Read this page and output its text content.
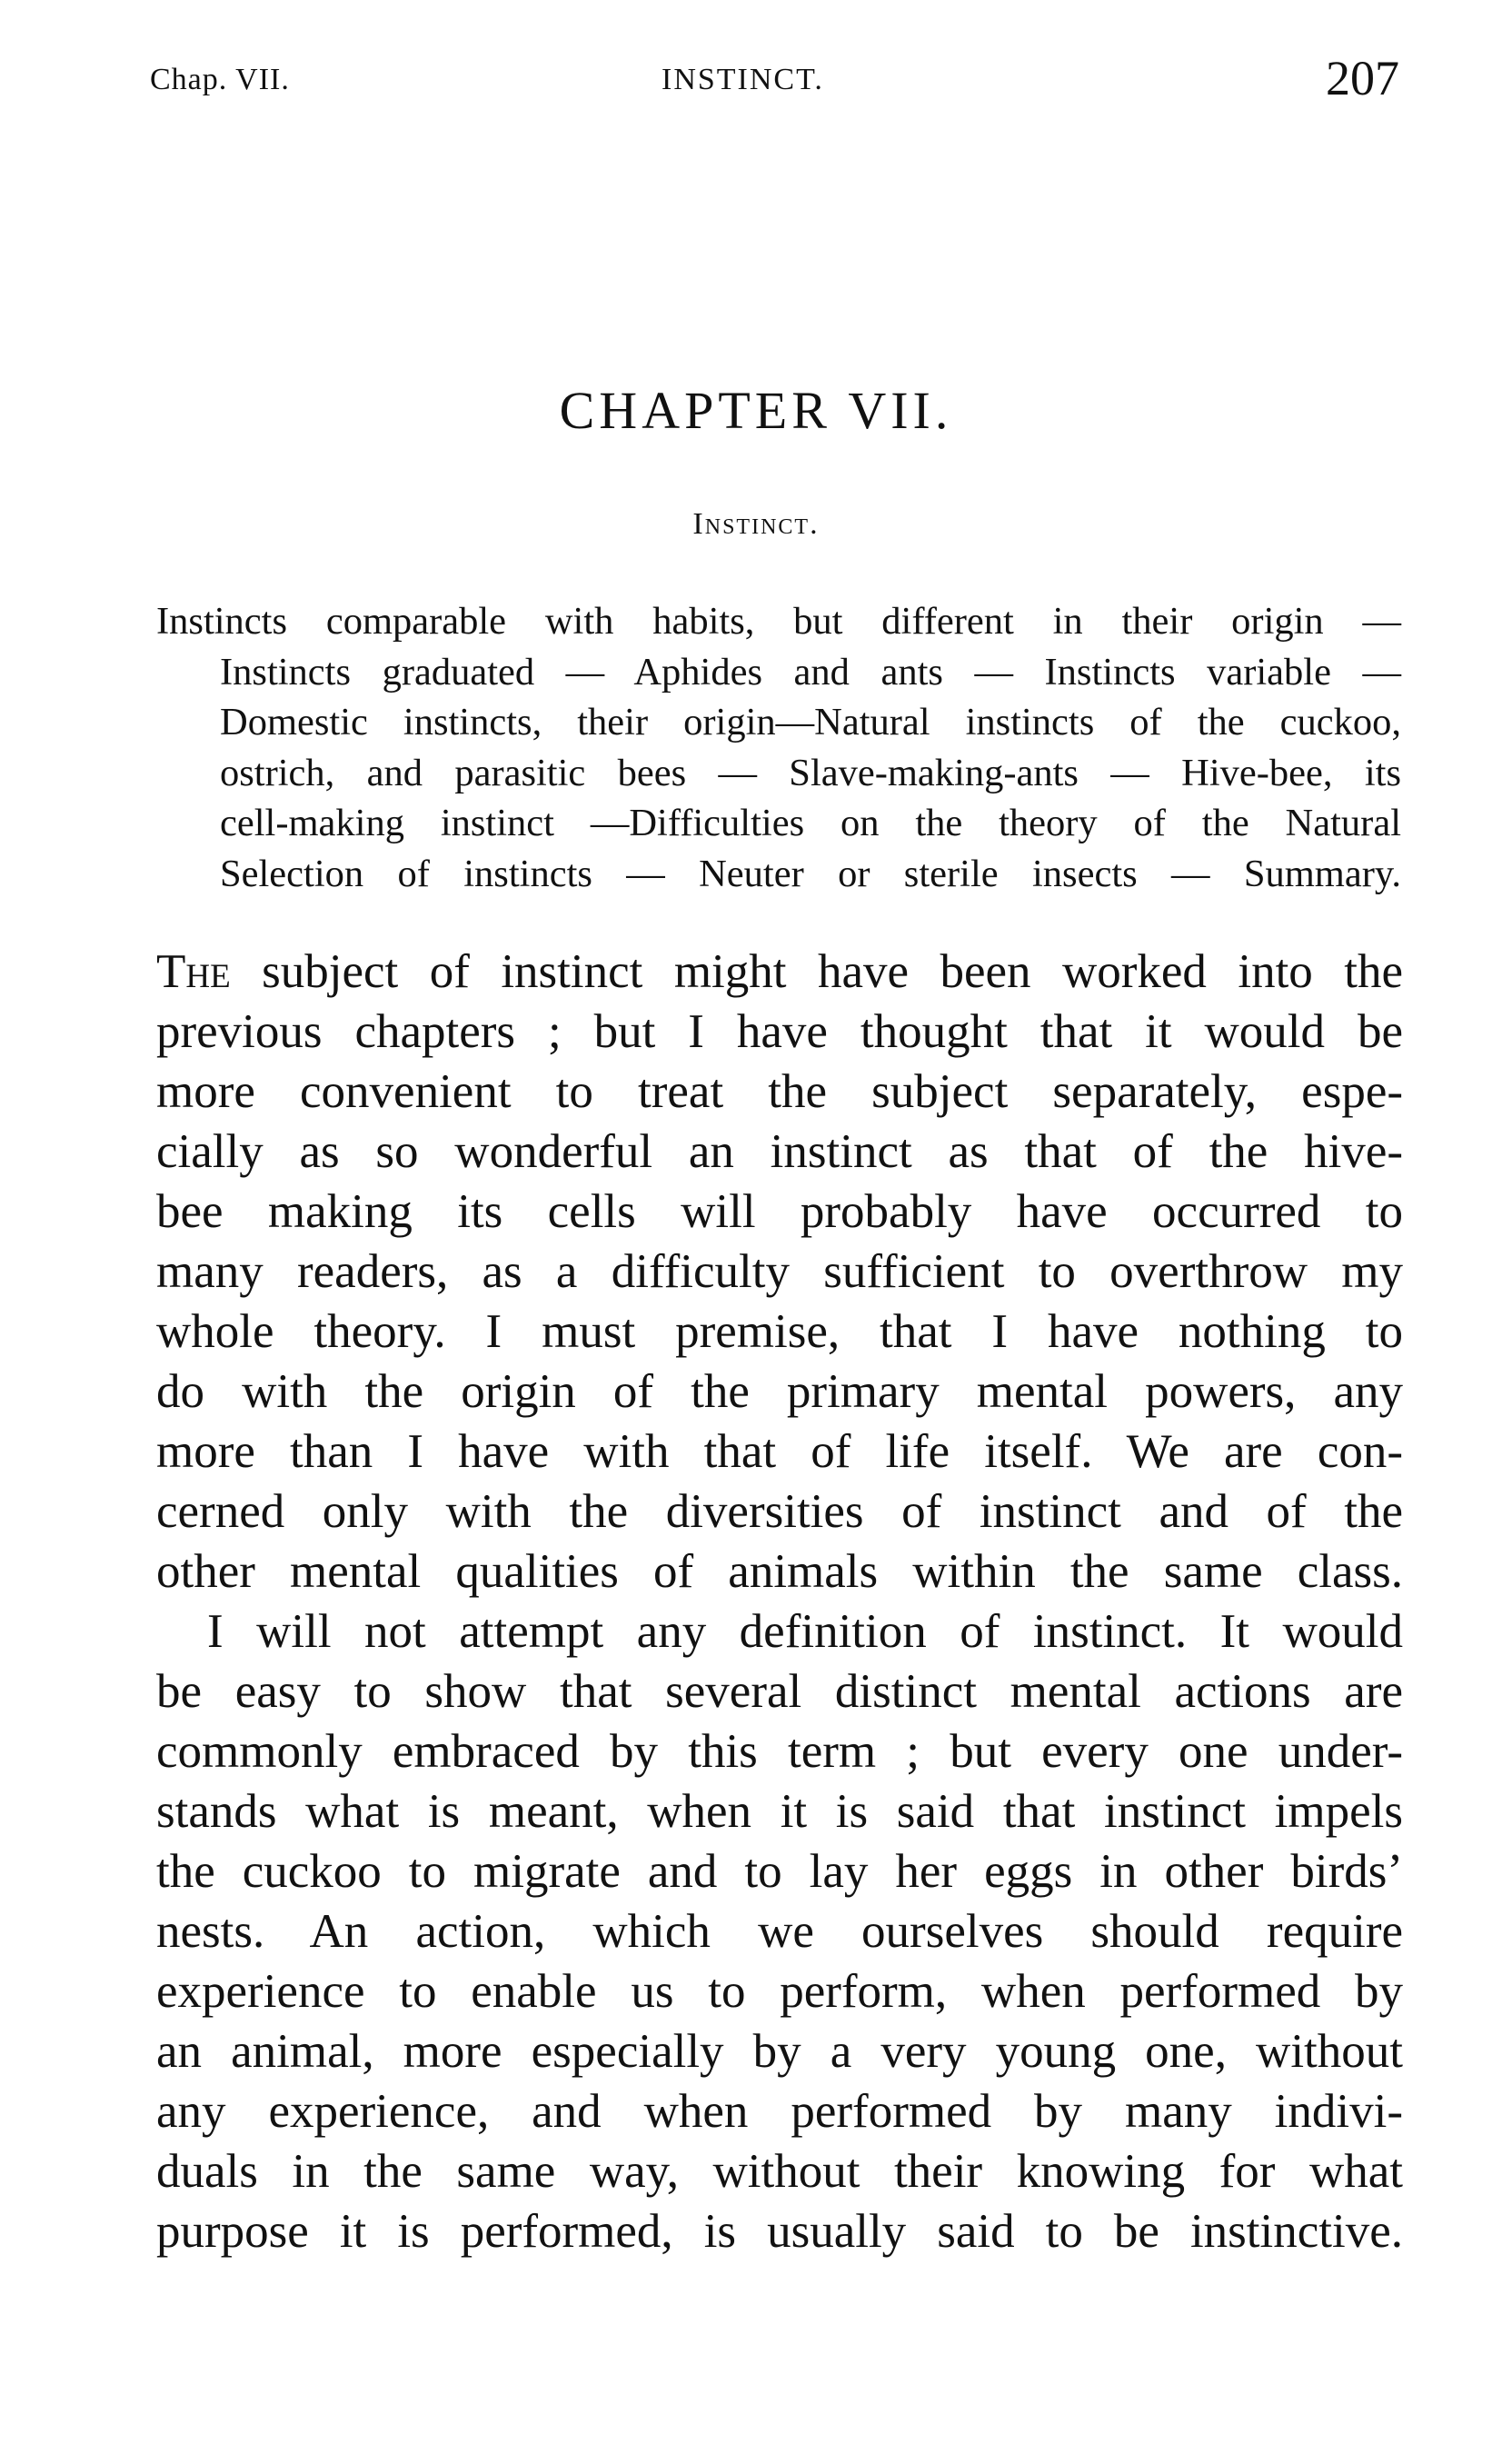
Chap. VII.	INSTINCT.	207
CHAPTER VII.
Instinct.
Instincts comparable with habits, but different in their origin —
Instincts graduated — Aphides and ants — Instincts variable —
Domestic instincts, their origin—Natural instincts of the cuckoo,
ostrich, and parasitic bees — Slave-making-ants — Hive-bee, its
cell-making instinct —Difficulties on the theory of the Natural
Selection of instincts — Neuter or sterile insects — Summary.
The subject of instinct might have been worked into the
previous chapters ; but I have thought that it would be
more convenient to treat the subject separately, espe-
cially as so wonderful an instinct as that of the hive-
bee making its cells will probably have occurred to
many readers, as a difficulty sufficient to overthrow my
whole theory. I must premise, that I have nothing to
do with the origin of the primary mental powers, any
more than I have with that of life itself. We are con-
cerned only with the diversities of instinct and of the
other mental qualities of animals within the same class.
I will not attempt any definition of instinct. It would
be easy to show that several distinct mental actions are
commonly embraced by this term ; but every one under-
stands what is meant, when it is said that instinct impels
the cuckoo to migrate and to lay her eggs in other birds’
nests. An action, which we ourselves should require
experience to enable us to perform, when performed by
an animal, more especially by a very young one, without
any experience, and when performed by many indivi-
duals in the same way, without their knowing for what
purpose it is performed, is usually said to be instinctive.
